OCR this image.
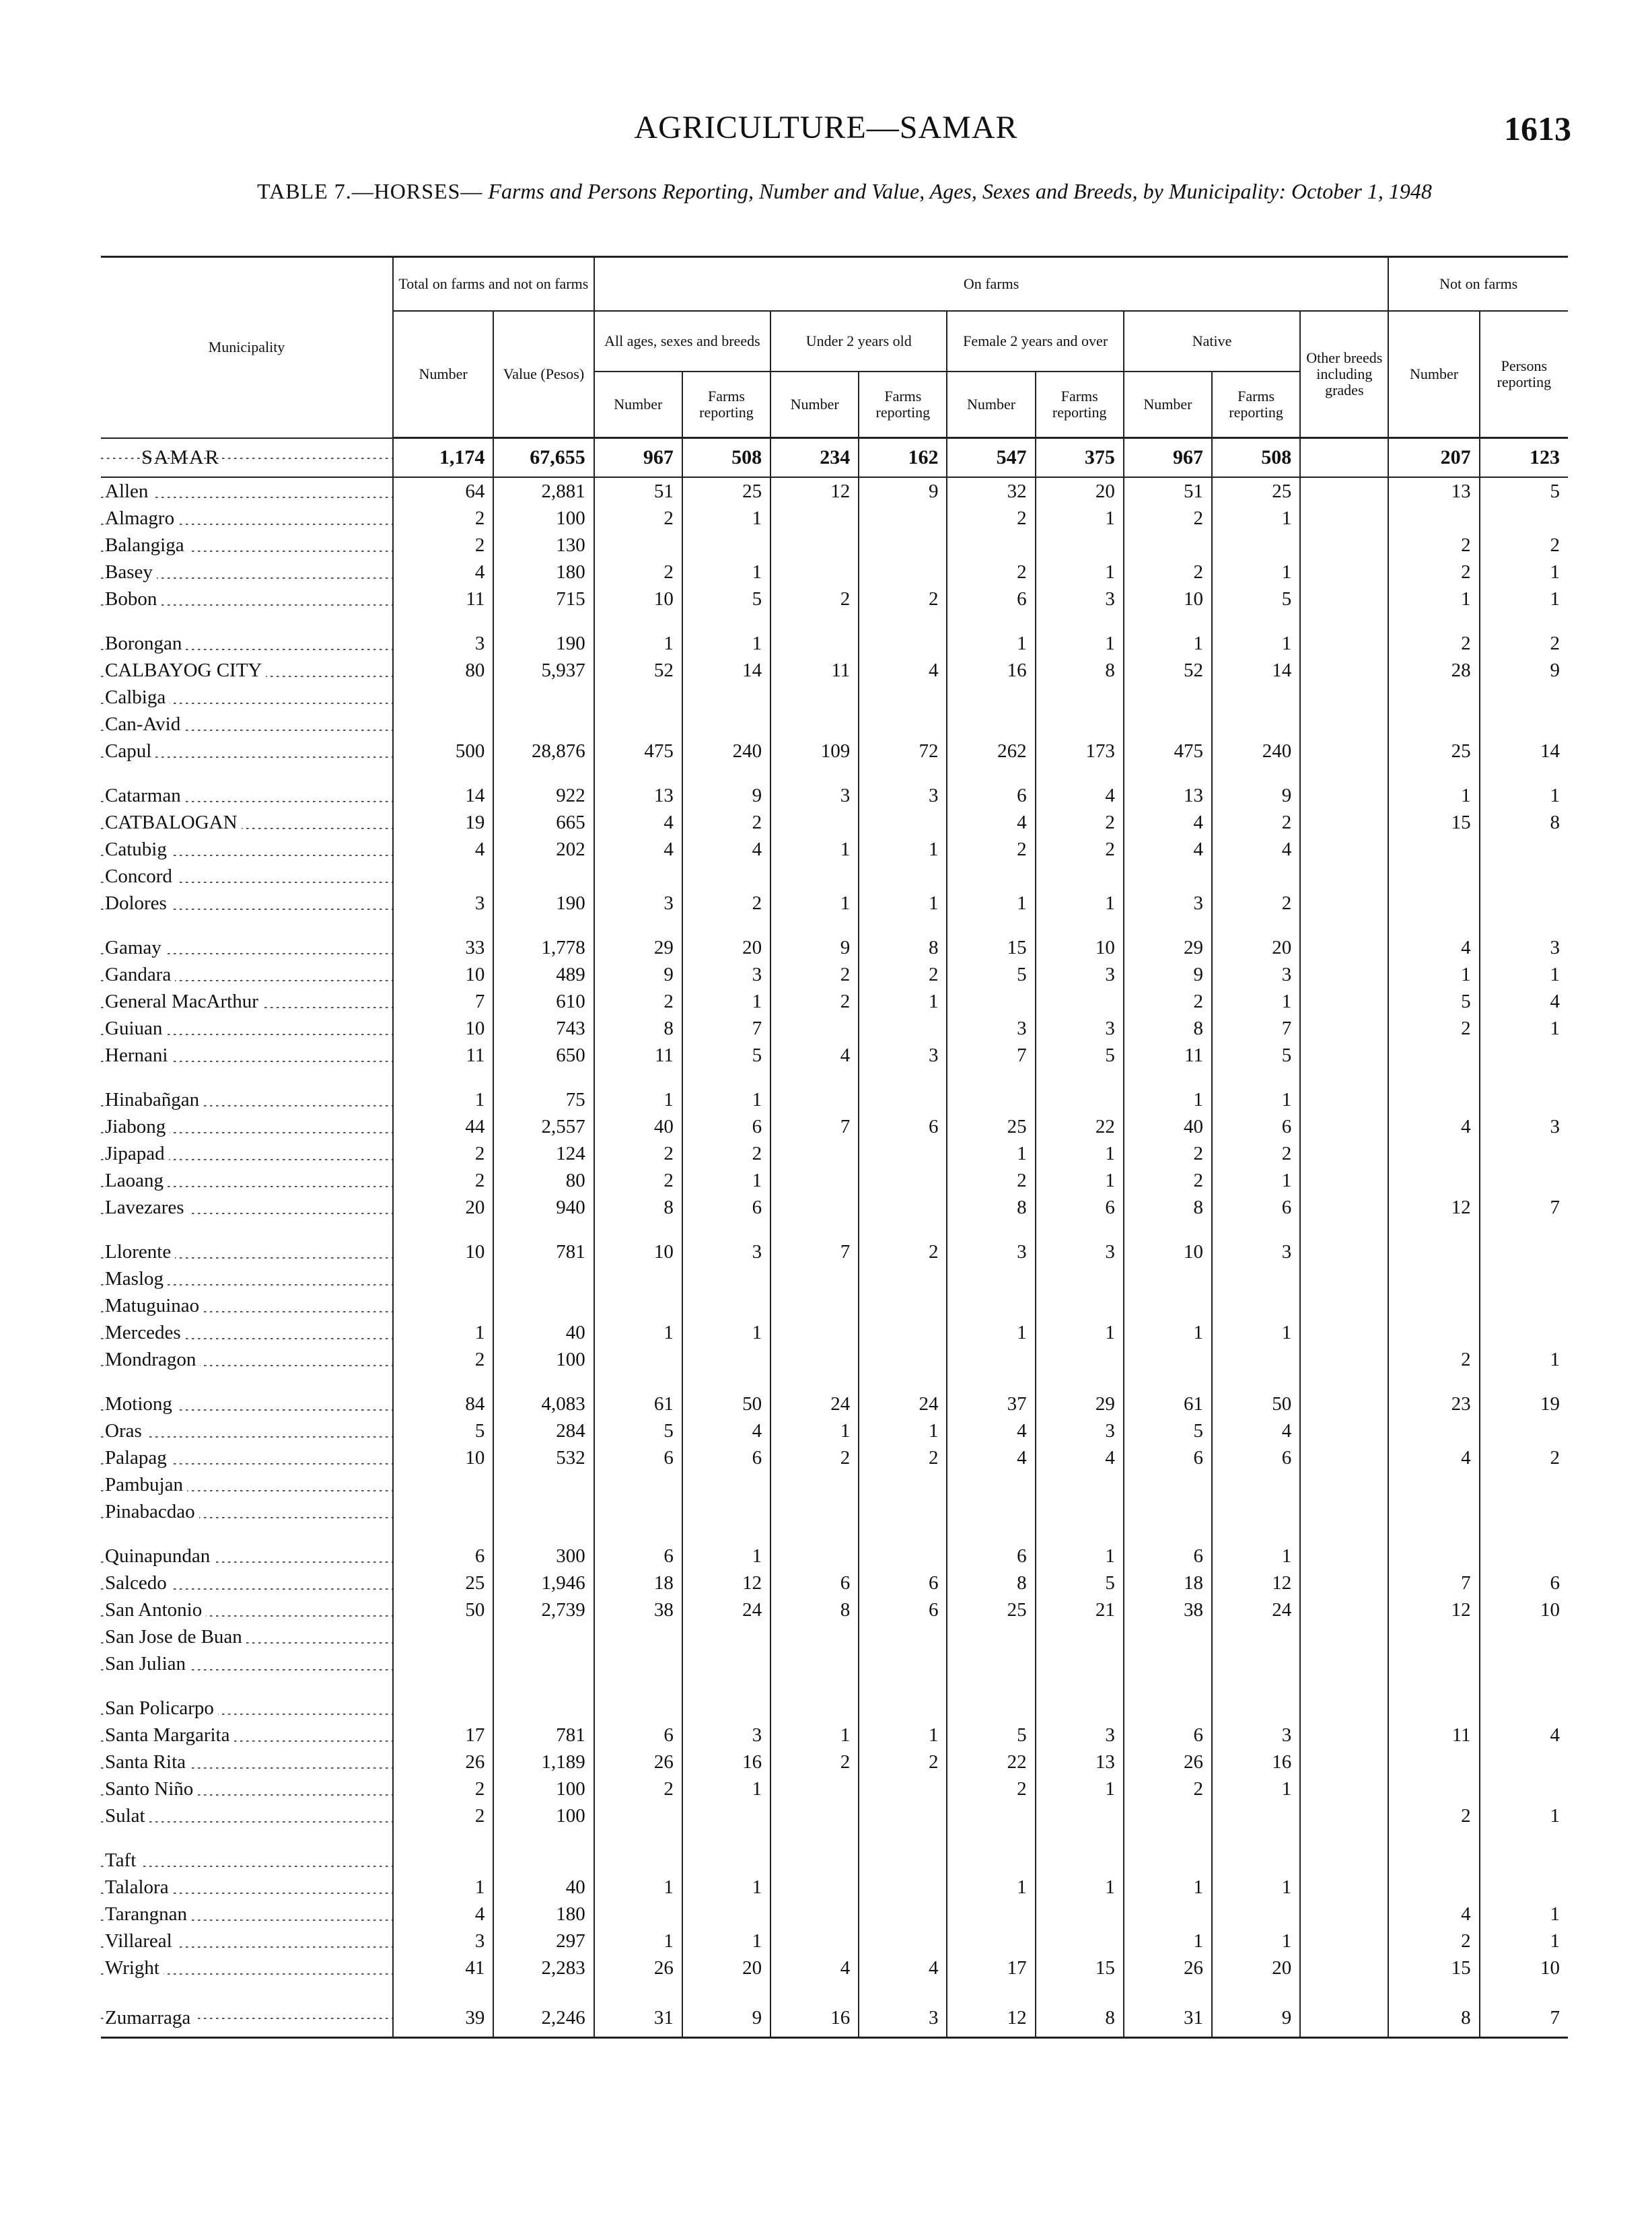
AGRICULTURE—SAMAR	1613
TABLE 7.—HORSES— Farms and Persons Reporting, Number and Value, Ages, Sexes and Breeds, by Municipality: October 1, 1948
Municipality	Total on farms and not on farms		On farms									Not on farms	
	Number	Value (Pesos)	All ages, sexes and breeds		Under 2 years old		Female 2 years and over		Native		Other breeds including grades	Number	Persons reporting
			Number	Farms reporting	Number	Farms reporting	Number	Farms reporting	Number	Farms reporting			
SAMAR	1,174	67,655	967	508	234	162	547	375	967	508		207	123
Allen	64	2,881	51	25	12	9	32	20	51	25		13	5
Almagro	2	100	2	1			2	1	2	1			
Balangiga	2	130										2	2
Basey	4	180	2	1			2	1	2	1		2	1
Bobon	11	715	10	5	2	2	6	3	10	5		1	1

Borongan	3	190	1	1			1	1	1	1		2	2
CALBAYOG CITY	80	5,937	52	14	11	4	16	8	52	14		28	9
Calbiga													
Can-Avid													
Capul	500	28,876	475	240	109	72	262	173	475	240		25	14

Catarman	14	922	13	9	3	3	6	4	13	9		1	1
CATBALOGAN	19	665	4	2			4	2	4	2		15	8
Catubig	4	202	4	4	1	1	2	2	4	4			
Concord													
Dolores	3	190	3	2	1	1	1	1	3	2			

Gamay	33	1,778	29	20	9	8	15	10	29	20		4	3
Gandara	10	489	9	3	2	2	5	3	9	3		1	1
General MacArthur	7	610	2	1	2	1			2	1		5	4
Guiuan	10	743	8	7			3	3	8	7		2	1
Hernani	11	650	11	5	4	3	7	5	11	5			

Hinabañgan	1	75	1	1					1	1			
Jiabong	44	2,557	40	6	7	6	25	22	40	6		4	3
Jipapad	2	124	2	2			1	1	2	2			
Laoang	2	80	2	1			2	1	2	1			
Lavezares	20	940	8	6			8	6	8	6		12	7

Llorente	10	781	10	3	7	2	3	3	10	3			
Maslog													
Matuguinao													
Mercedes	1	40	1	1			1	1	1	1			
Mondragon	2	100										2	1

Motiong	84	4,083	61	50	24	24	37	29	61	50		23	19
Oras	5	284	5	4	1	1	4	3	5	4			
Palapag	10	532	6	6	2	2	4	4	6	6		4	2
Pambujan													
Pinabacdao													

Quinapundan	6	300	6	1			6	1	6	1			
Salcedo	25	1,946	18	12	6	6	8	5	18	12		7	6
San Antonio	50	2,739	38	24	8	6	25	21	38	24		12	10
San Jose de Buan													
San Julian													

San Policarpo													
Santa Margarita	17	781	6	3	1	1	5	3	6	3		11	4
Santa Rita	26	1,189	26	16	2	2	22	13	26	16			
Santo Niño	2	100	2	1			2	1	2	1			
Sulat	2	100										2	1

Taft													
Talalora	1	40	1	1			1	1	1	1			
Tarangnan	4	180										4	1
Villareal	3	297	1	1					1	1		2	1
Wright	41	2,283	26	20	4	4	17	15	26	20		15	10

Zumarraga	39	2,246	31	9	16	3	12	8	31	9		8	7
